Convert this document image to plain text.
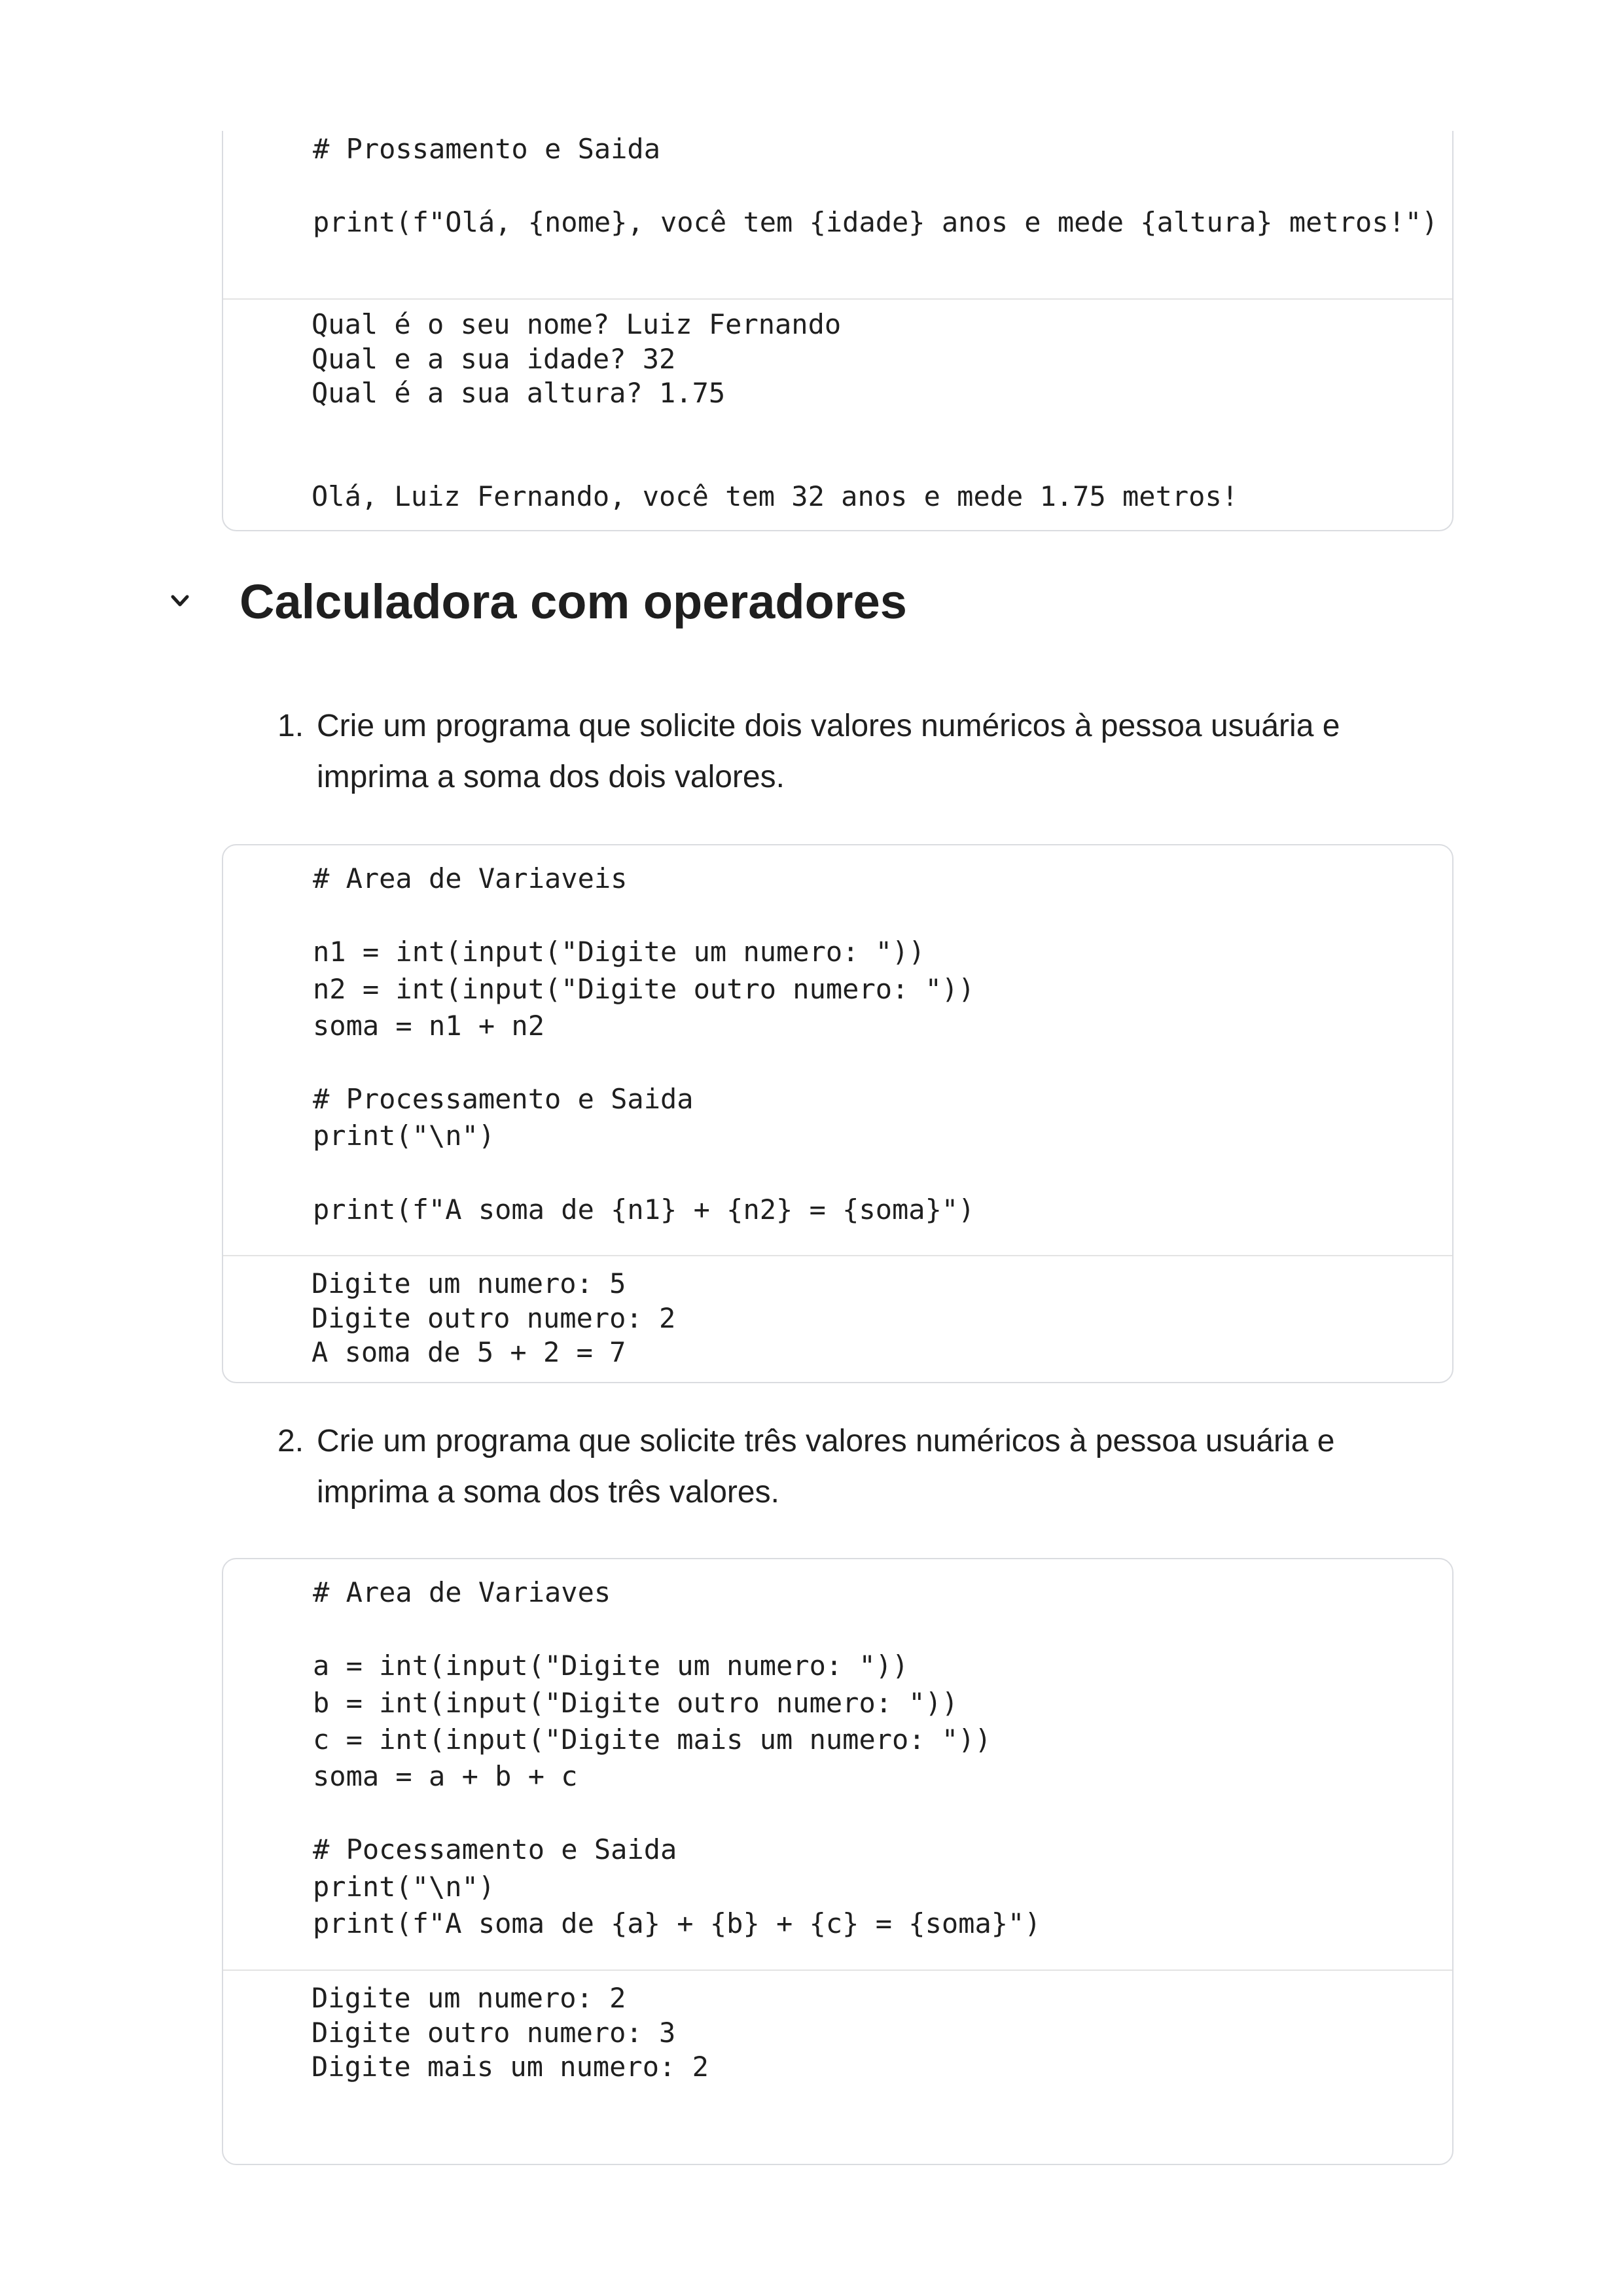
# Prossamento e Saida

print(f"Olá, {nome}, você tem {idade} anos e mede {altura} metros!")
Qual é o seu nome? Luiz Fernando
Qual e a sua idade? 32
Qual é a sua altura? 1.75

Olá, Luiz Fernando, você tem 32 anos e mede 1.75 metros!
Calculadora com operadores
1. Crie um programa que solicite dois valores numéricos à pessoa usuária e
imprima a soma dos dois valores.
# Area de Variaveis

n1 = int(input("Digite um numero: "))
n2 = int(input("Digite outro numero: "))
soma = n1 + n2

# Processamento e Saida
print("\n")

print(f"A soma de {n1} + {n2} = {soma}")
Digite um numero: 5
Digite outro numero: 2
A soma de 5 + 2 = 7
2. Crie um programa que solicite três valores numéricos à pessoa usuária e
imprima a soma dos três valores.
# Area de Variaves

a = int(input("Digite um numero: "))
b = int(input("Digite outro numero: "))
c = int(input("Digite mais um numero: "))
soma = a + b + c

# Pocessamento e Saida
print("\n")
print(f"A soma de {a} + {b} + {c} = {soma}")
Digite um numero: 2
Digite outro numero: 3
Digite mais um numero: 2
